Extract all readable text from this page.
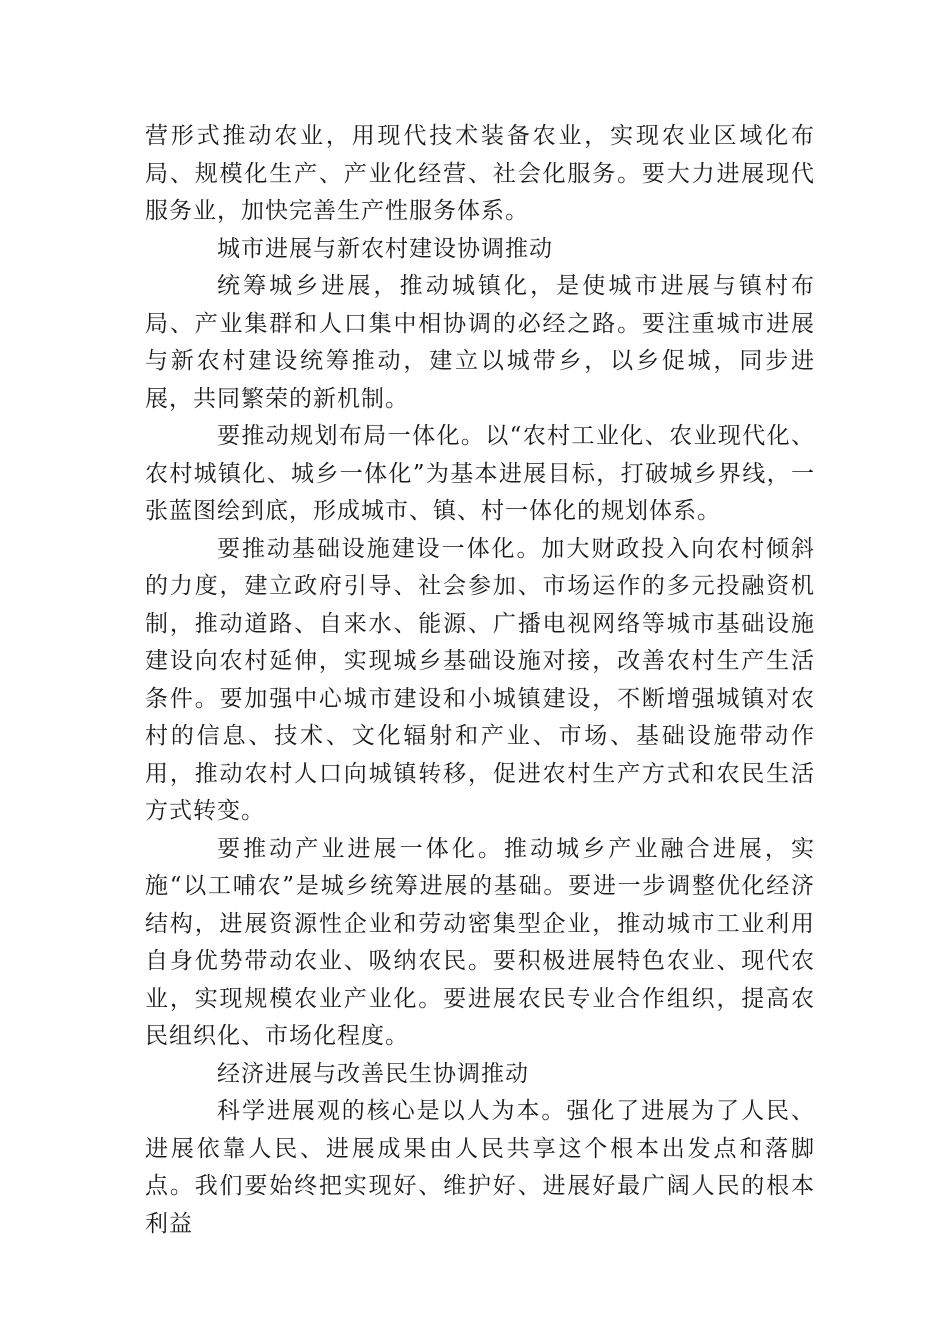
营形式推动农业，用现代技术装备农业，实现农业区域化布局、规模化生产、产业化经营、社会化服务。要大力进展现代服务业，加快完善生产性服务体系。

城市进展与新农村建设协调推动

统筹城乡进展，推动城镇化，是使城市进展与镇村布局、产业集群和人口集中相协调的必经之路。要注重城市进展与新农村建设统筹推动，建立以城带乡，以乡促城，同步进展，共同繁荣的新机制。

要推动规划布局一体化。以“农村工业化、农业现代化、农村城镇化、城乡一体化”为基本进展目标，打破城乡界线，一张蓝图绘到底，形成城市、镇、村一体化的规划体系。

要推动基础设施建设一体化。加大财政投入向农村倾斜的力度，建立政府引导、社会参加、市场运作的多元投融资机制，推动道路、自来水、能源、广播电视网络等城市基础设施建设向农村延伸，实现城乡基础设施对接，改善农村生产生活条件。要加强中心城市建设和小城镇建设，不断增强城镇对农村的信息、技术、文化辐射和产业、市场、基础设施带动作用，推动农村人口向城镇转移，促进农村生产方式和农民生活方式转变。

要推动产业进展一体化。推动城乡产业融合进展，实施“以工哺农”是城乡统筹进展的基础。要进一步调整优化经济结构，进展资源性企业和劳动密集型企业，推动城市工业利用自身优势带动农业、吸纳农民。要积极进展特色农业、现代农业，实现规模农业产业化。要进展农民专业合作组织，提高农民组织化、市场化程度。

经济进展与改善民生协调推动

科学进展观的核心是以人为本。强化了进展为了人民、进展依靠人民、进展成果由人民共享这个根本出发点和落脚点。我们要始终把实现好、维护好、进展好最广阔人民的根本利益
